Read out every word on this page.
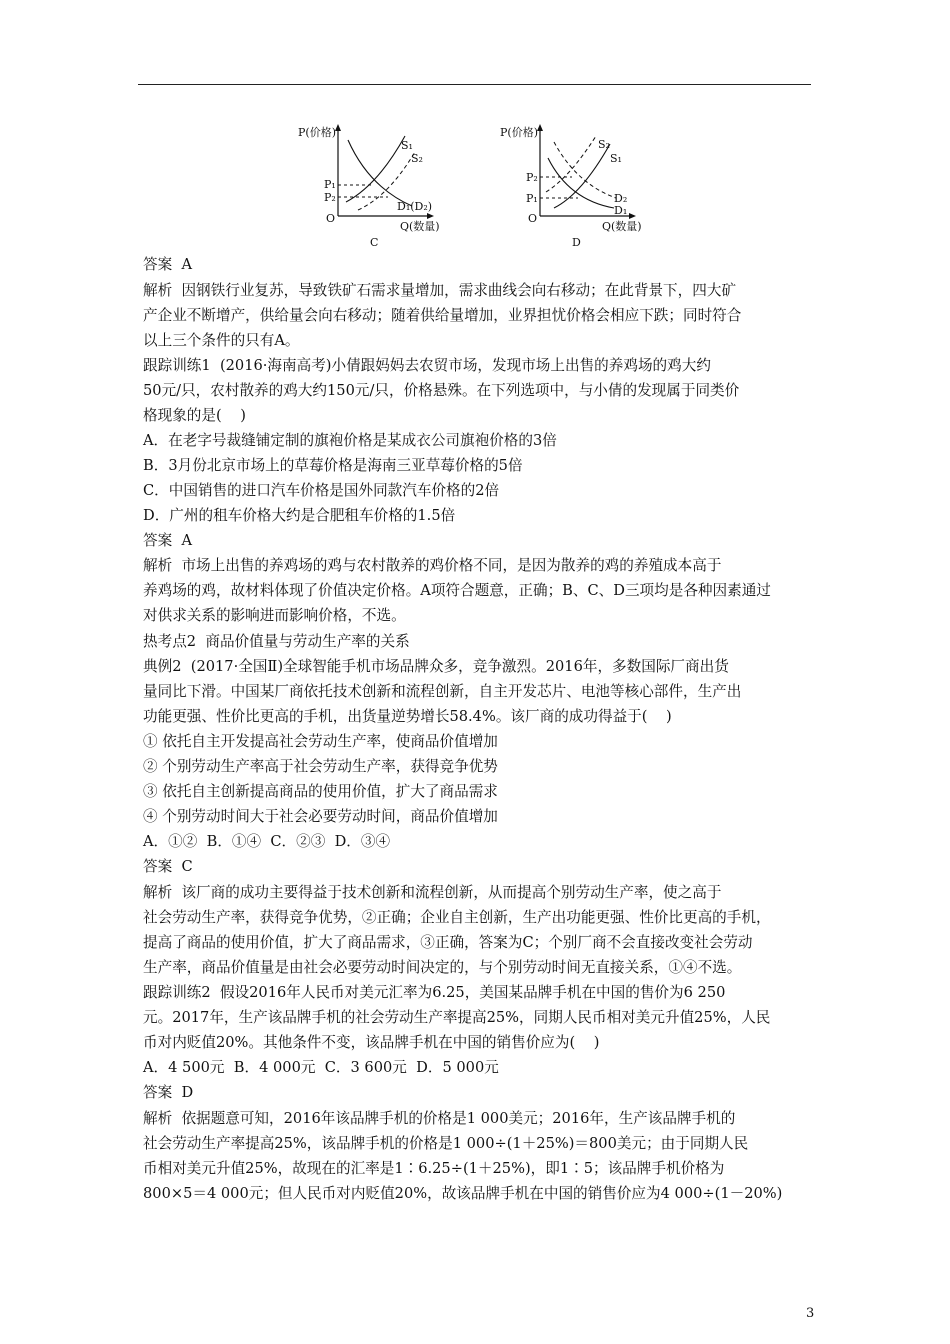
P(价格)
S₁
S₂
P₁
P₂
D₁(D₂)
O
Q(数量)
C
P(价格)
S₂
S₁
P₂
P₁	D₂
D₁
O
Q(数量)
D
答案  A
解析  因钢铁行业复苏，导致铁矿石需求量增加，需求曲线会向右移动；在此背景下，四大矿
产企业不断增产，供给量会向右移动；随着供给量增加，业界担忧价格会相应下跌；同时符合
以上三个条件的只有A。
跟踪训练1  (2016·海南高考)小倩跟妈妈去农贸市场，发现市场上出售的养鸡场的鸡大约
50元/只，农村散养的鸡大约150元/只，价格悬殊。在下列选项中，与小倩的发现属于同类价
格现象的是(    )
A．在老字号裁缝铺定制的旗袍价格是某成衣公司旗袍价格的3倍
B．3月份北京市场上的草莓价格是海南三亚草莓价格的5倍
C．中国销售的进口汽车价格是国外同款汽车价格的2倍
D．广州的租车价格大约是合肥租车价格的1.5倍
答案  A
解析  市场上出售的养鸡场的鸡与农村散养的鸡价格不同，是因为散养的鸡的养殖成本高于
养鸡场的鸡，故材料体现了价值决定价格。A项符合题意，正确；B、C、D三项均是各种因素通过
对供求关系的影响进而影响价格，不选。
热考点2  商品价值量与劳动生产率的关系
典例2  (2017·全国Ⅱ)全球智能手机市场品牌众多，竞争激烈。2016年，多数国际厂商出货
量同比下滑。中国某厂商依托技术创新和流程创新，自主开发芯片、电池等核心部件，生产出
功能更强、性价比更高的手机，出货量逆势增长58.4%。该厂商的成功得益于(    )
① 依托自主开发提高社会劳动生产率，使商品价值增加
② 个别劳动生产率高于社会劳动生产率，获得竞争优势
③ 依托自主创新提高商品的使用价值，扩大了商品需求
④ 个别劳动时间大于社会必要劳动时间，商品价值增加
A．①②  B．①④  C．②③  D．③④
答案  C
解析  该厂商的成功主要得益于技术创新和流程创新，从而提高个别劳动生产率，使之高于
社会劳动生产率，获得竞争优势，②正确；企业自主创新，生产出功能更强、性价比更高的手机，
提高了商品的使用价值，扩大了商品需求，③正确，答案为C；个别厂商不会直接改变社会劳动
生产率，商品价值量是由社会必要劳动时间决定的，与个别劳动时间无直接关系，①④不选。
跟踪训练2  假设2016年人民币对美元汇率为6.25，美国某品牌手机在中国的售价为6 250
元。2017年，生产该品牌手机的社会劳动生产率提高25%，同期人民币相对美元升值25%，人民
币对内贬值20%。其他条件不变，该品牌手机在中国的销售价应为(    )
A．4 500元  B．4 000元  C．3 600元  D．5 000元
答案  D
解析  依据题意可知，2016年该品牌手机的价格是1 000美元；2016年，生产该品牌手机的
社会劳动生产率提高25%，该品牌手机的价格是1 000÷(1＋25%)＝800美元；由于同期人民
币相对美元升值25%，故现在的汇率是1∶6.25÷(1＋25%)，即1∶5；该品牌手机价格为
800×5＝4 000元；但人民币对内贬值20%，故该品牌手机在中国的销售价应为4 000÷(1－20%)
3
